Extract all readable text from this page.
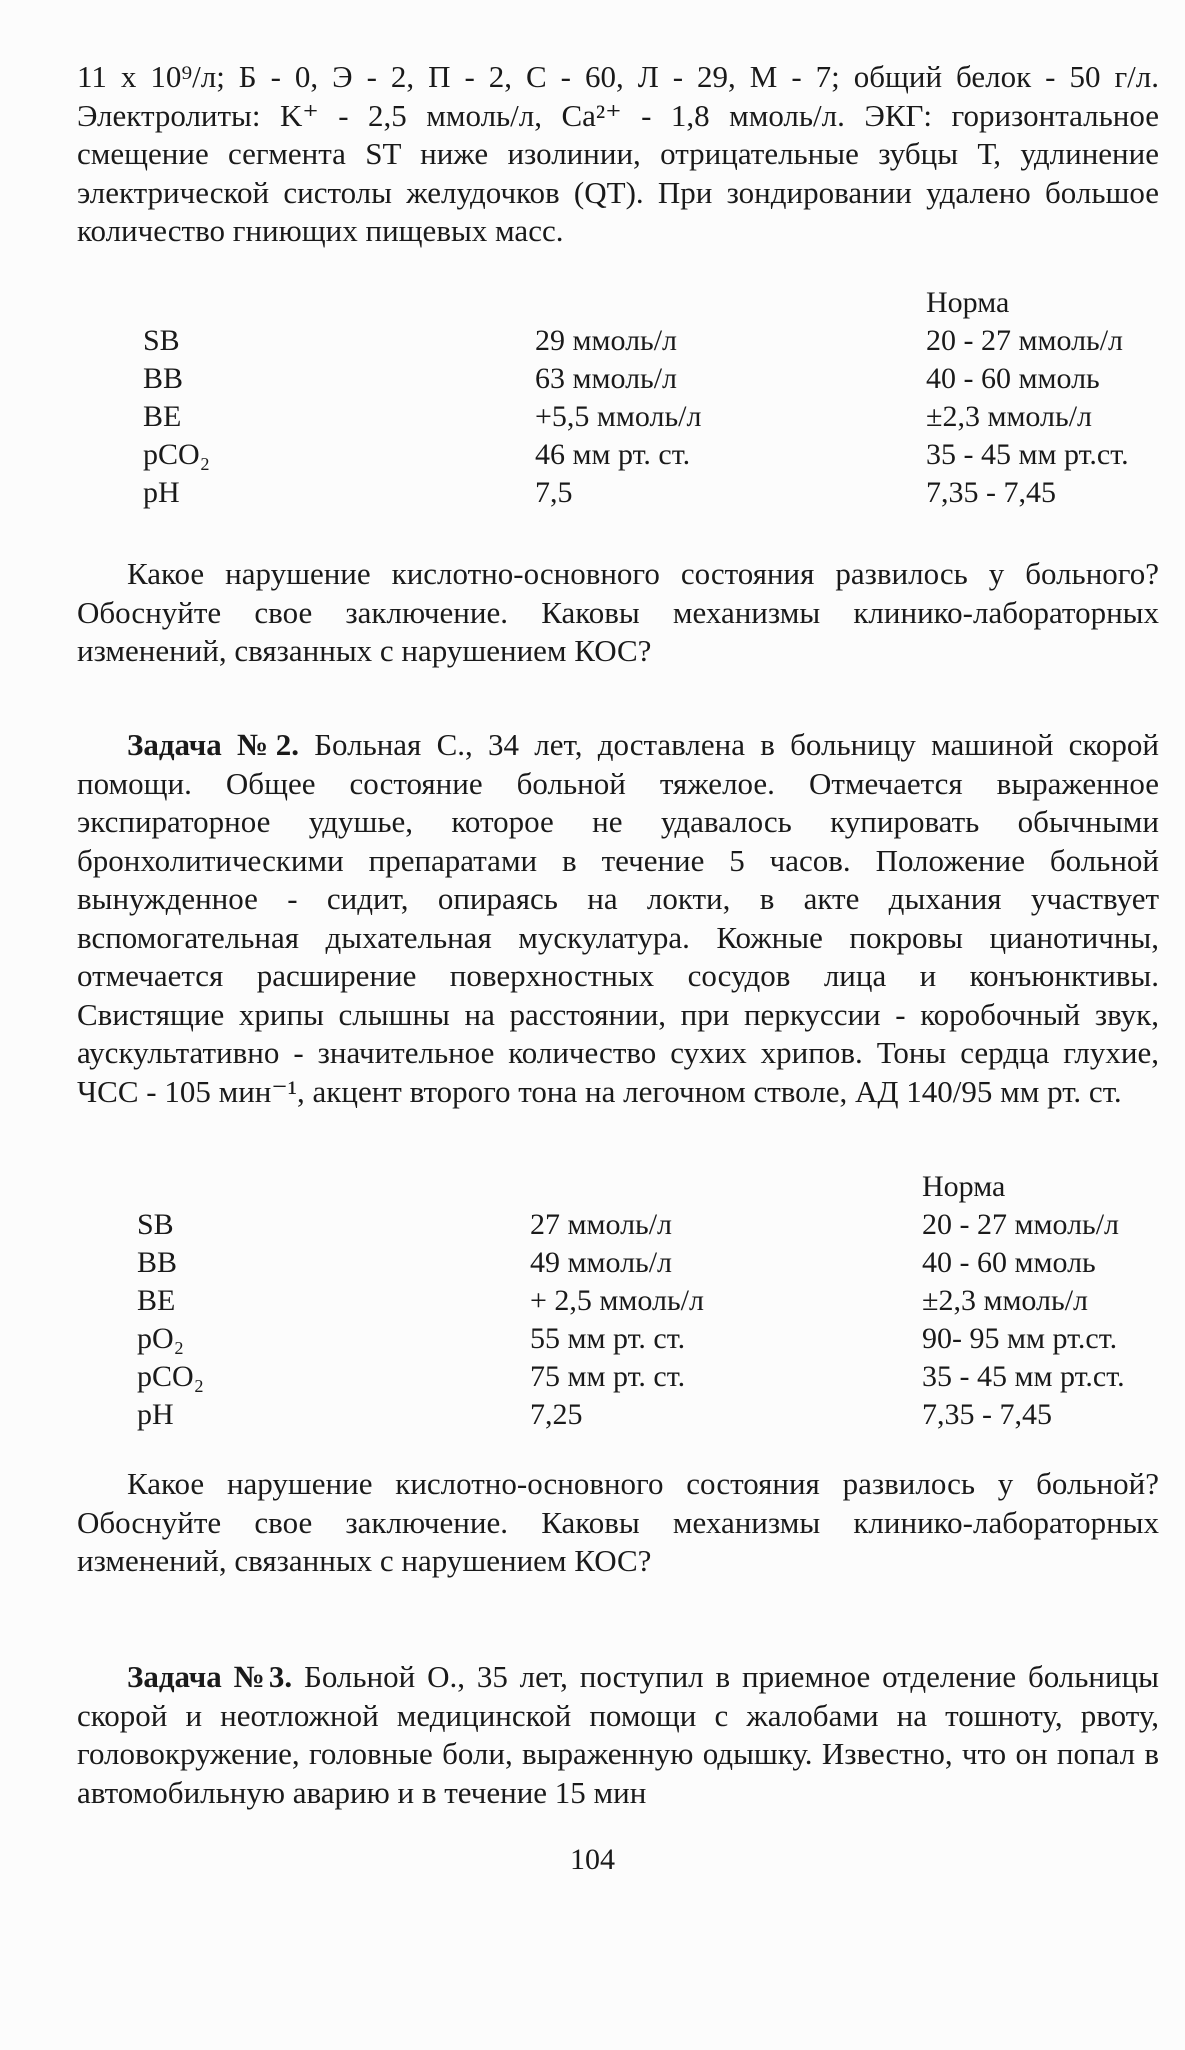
11 х 10⁹/л; Б - 0, Э - 2, П - 2, С - 60, Л - 29, М - 7; общий белок - 50 г/л. Электролиты: K⁺ - 2,5 ммоль/л, Ca²⁺ - 1,8 ммоль/л. ЭКГ: горизонтальное смещение сегмента ST ниже изолинии, отрицательные зубцы Т, удлинение электрической систолы желудочков (QT). При зондировании удалено большое количество гниющих пищевых масс.

Норма
SB	29 ммоль/л	20 - 27 ммоль/л
BB	63 ммоль/л	40 - 60 ммоль
BE	+5,5 ммоль/л	±2,3 ммоль/л
pCO₂	46 мм рт. ст.	35 - 45 мм рт.ст.
pH	7,5	7,35 - 7,45

Какое нарушение кислотно-основного состояния развилось у больного? Обоснуйте свое заключение. Каковы механизмы клинико-лабораторных изменений, связанных с нарушением КОС?

Задача №2. Больная С., 34 лет, доставлена в больницу машиной скорой помощи. Общее состояние больной тяжелое. Отмечается выраженное экспираторное удушье, которое не удавалось купировать обычными бронхолитическими препаратами в течение 5 часов. Положение больной вынужденное - сидит, опираясь на локти, в акте дыхания участвует вспомогательная дыхательная мускулатура. Кожные покровы цианотичны, отмечается расширение поверхностных сосудов лица и конъюнктивы. Свистящие хрипы слышны на расстоянии, при перкуссии - коробочный звук, аускультативно - значительное количество сухих хрипов. Тоны сердца глухие, ЧСС - 105 мин⁻¹, акцент второго тона на легочном стволе, АД 140/95 мм рт. ст.

Норма
SB	27 ммоль/л	20 - 27 ммоль/л
BB	49 ммоль/л	40 - 60 ммоль
BE	+ 2,5 ммоль/л	±2,3 ммоль/л
pO₂	55 мм рт. ст.	90- 95 мм рт.ст.
pCO₂	75 мм рт. ст.	35 - 45 мм рт.ст.
pH	7,25	7,35 - 7,45

Какое нарушение кислотно-основного состояния развилось у больной? Обоснуйте свое заключение. Каковы механизмы клинико-лабораторных изменений, связанных с нарушением КОС?

Задача №3. Больной О., 35 лет, поступил в приемное отделение больницы скорой и неотложной медицинской помощи с жалобами на тошноту, рвоту, головокружение, головные боли, выраженную одышку. Известно, что он попал в автомобильную аварию и в течение 15 мин

104
